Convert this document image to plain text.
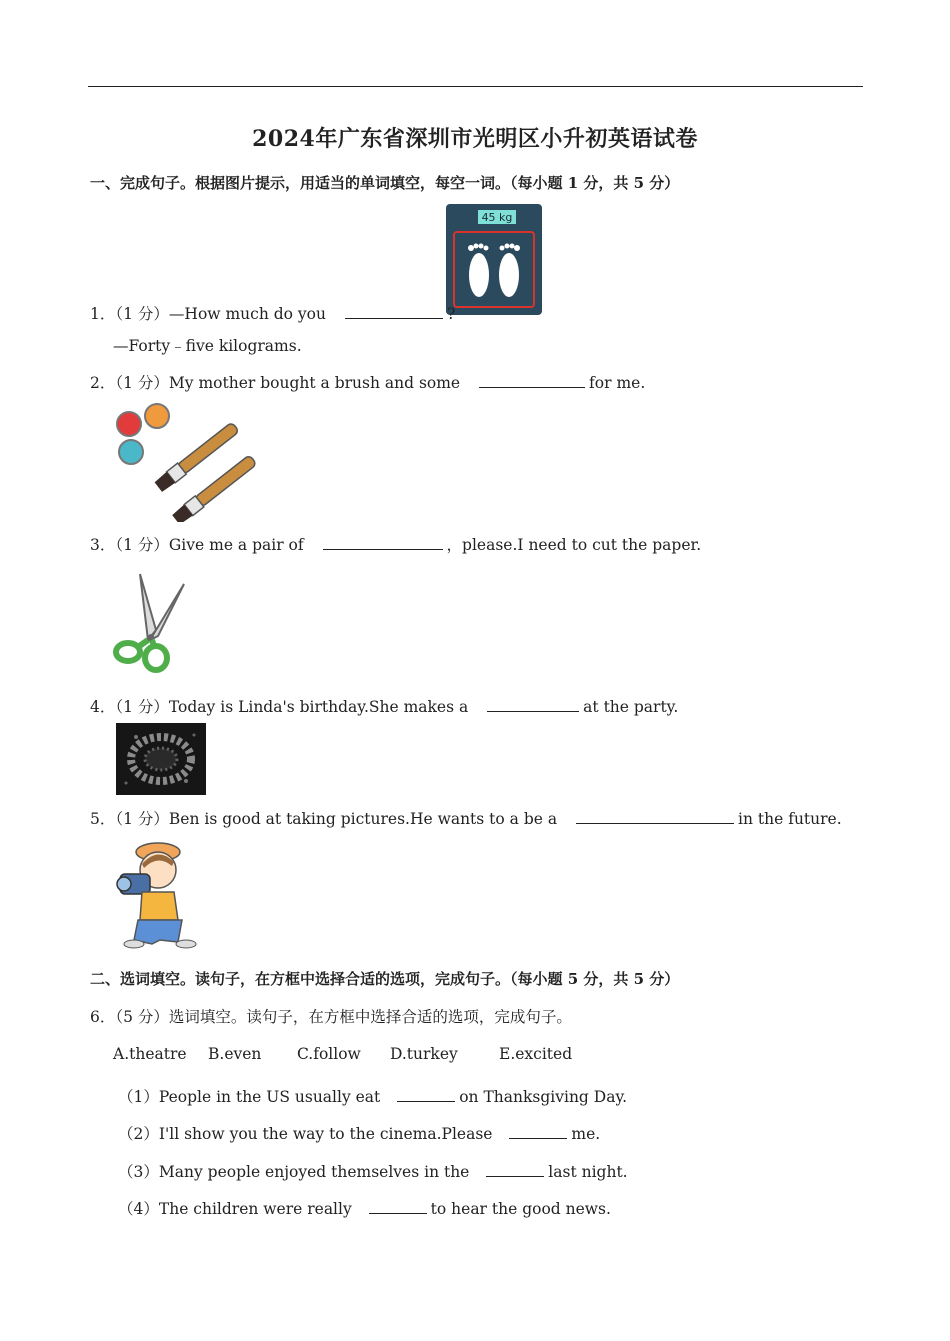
2024年广东省深圳市光明区小升初英语试卷
一、完成句子。根据图片提示，用适当的单词填空，每空一词。（每小题 1 分，共 5 分）
45 kg
1．（1 分）—How much do you	?
—Forty﹣five kilograms.
2．（1 分）My mother bought a brush and some	for me.
3．（1 分）Give me a pair of	，please.I need to cut the paper.
4．（1 分）Today is Linda's birthday.She makes a	at the party.
5．（1 分）Ben is good at taking pictures.He wants to a be a	in the future.
二、选词填空。读句子，在方框中选择合适的选项，完成句子。（每小题 5 分，共 5 分）
6．（5 分）选词填空。读句子，在方框中选择合适的选项，完成句子。
A.theatre B.even C.follow D.turkey	E.excited
（1）People in the US usually eat	on Thanksgiving Day.
（2）I'll show you the way to the cinema.Please	me.
（3）Many people enjoyed themselves in the	last night.
（4）The children were really	to hear the good news.
